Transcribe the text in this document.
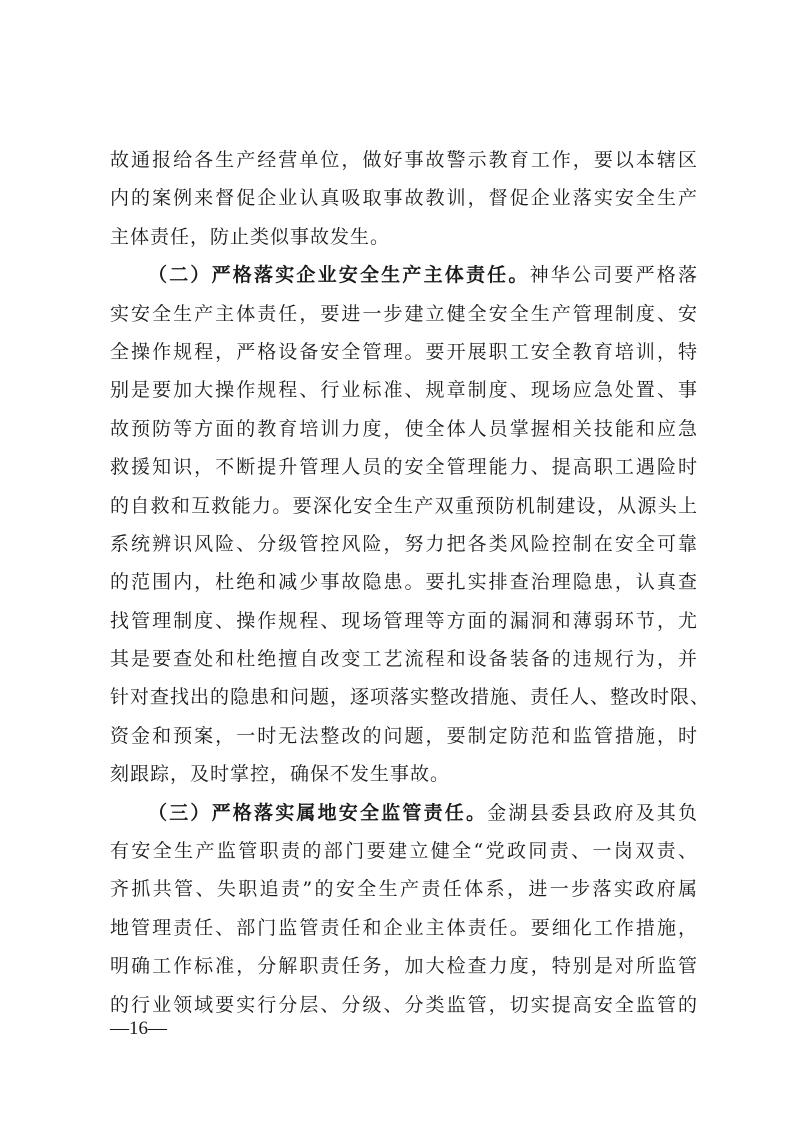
故通报给各生产经营单位，做好事故警示教育工作，要以本辖区
内的案例来督促企业认真吸取事故教训，督促企业落实安全生产
主体责任，防止类似事故发生。
（二）严格落实企业安全生产主体责任。神华公司要严格落
实安全生产主体责任，要进一步建立健全安全生产管理制度、安
全操作规程，严格设备安全管理。要开展职工安全教育培训，特
别是要加大操作规程、行业标准、规章制度、现场应急处置、事
故预防等方面的教育培训力度，使全体人员掌握相关技能和应急
救援知识，不断提升管理人员的安全管理能力、提高职工遇险时
的自救和互救能力。要深化安全生产双重预防机制建设，从源头上
系统辨识风险、分级管控风险，努力把各类风险控制在安全可靠
的范围内，杜绝和减少事故隐患。要扎实排查治理隐患，认真查
找管理制度、操作规程、现场管理等方面的漏洞和薄弱环节，尤
其是要查处和杜绝擅自改变工艺流程和设备装备的违规行为，并
针对查找出的隐患和问题，逐项落实整改措施、责任人、整改时限、
资金和预案，一时无法整改的问题，要制定防范和监管措施，时
刻跟踪，及时掌控，确保不发生事故。
（三）严格落实属地安全监管责任。金湖县委县政府及其负
有安全生产监管职责的部门要建立健全“党政同责、一岗双责、
齐抓共管、失职追责”的安全生产责任体系，进一步落实政府属
地管理责任、部门监管责任和企业主体责任。要细化工作措施，
明确工作标准，分解职责任务，加大检查力度，特别是对所监管
的行业领域要实行分层、分级、分类监管，切实提高安全监管的
—16—
